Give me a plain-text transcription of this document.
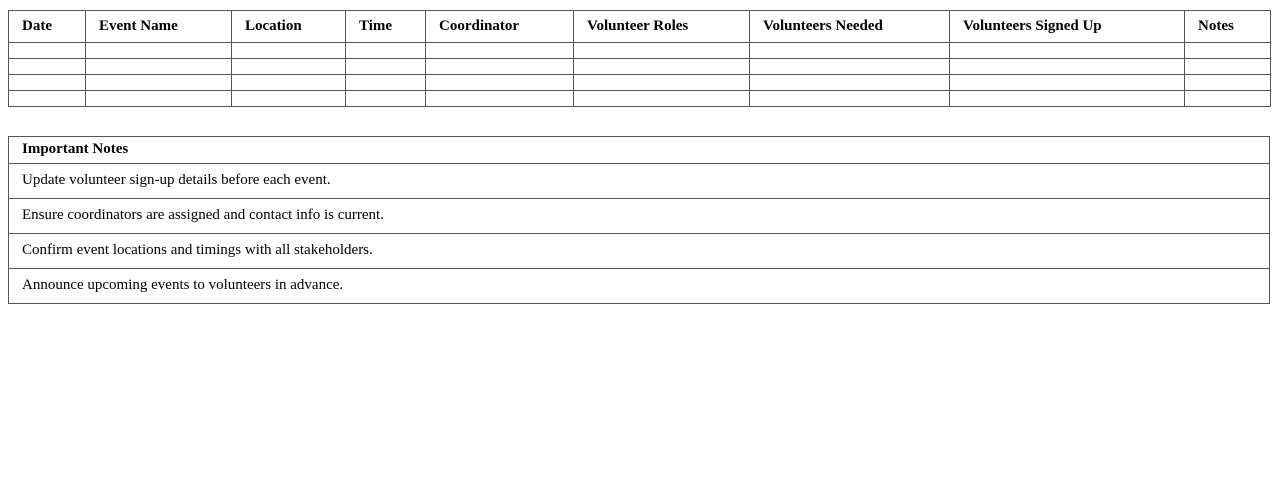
Date	Event Name	Location	Time	Coordinator	Volunteer Roles	Volunteers Needed	Volunteers Signed Up	Notes

Important Notes
Update volunteer sign-up details before each event.
Ensure coordinators are assigned and contact info is current.
Confirm event locations and timings with all stakeholders.
Announce upcoming events to volunteers in advance.
